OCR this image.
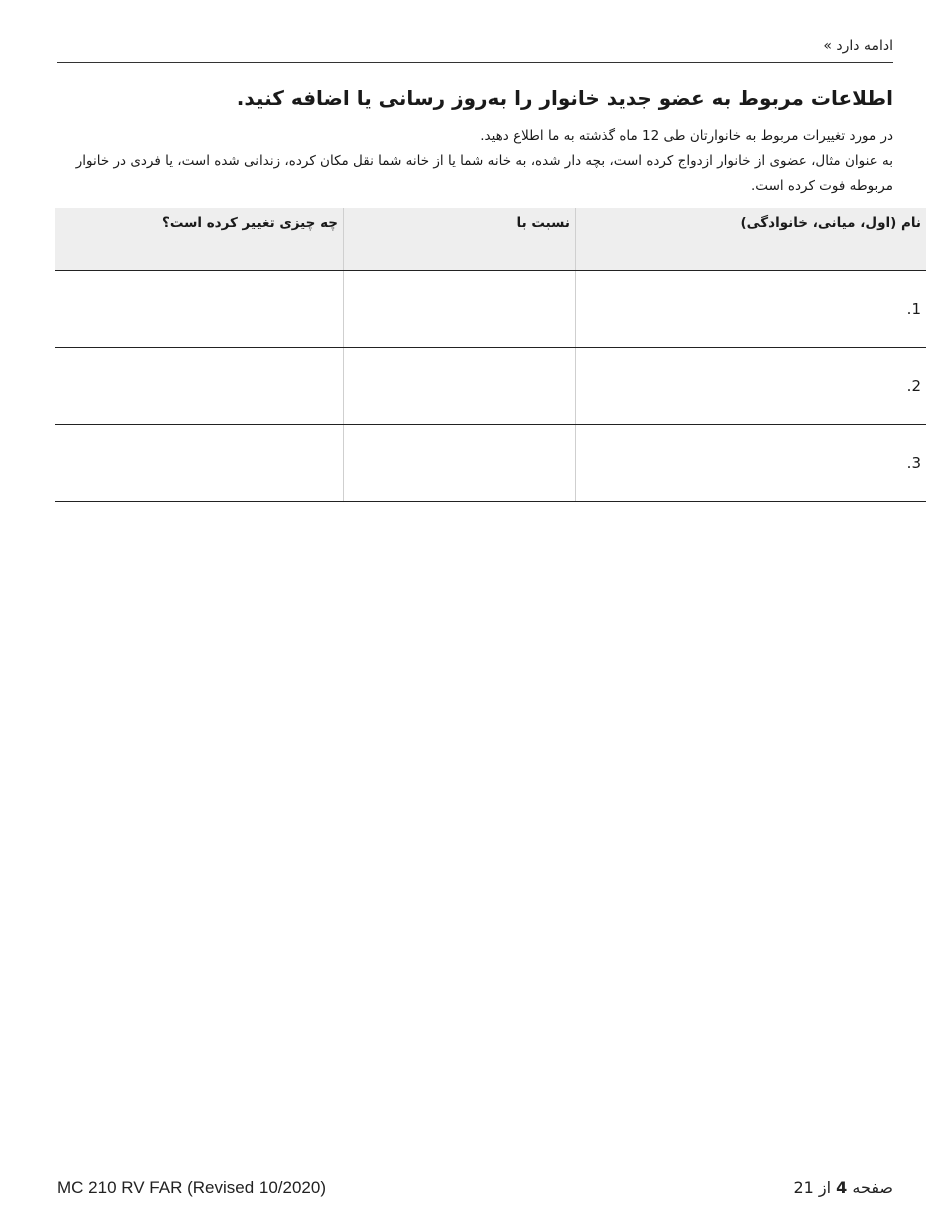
ادامه دارد »
اطلاعات مربوط به عضو جدید خانوار را به‌روز رسانی یا اضافه کنید.

در مورد تغییرات مربوط به خانوارتان طی 12 ماه گذشته به ما اطلاع دهید.

به عنوان مثال، عضوی از خانوار ازدواج کرده است، بچه دار شده، به خانه شما یا از خانه شما نقل مکان کرده، زندانی شده است، یا فردی در خانوار مربوطه فوت کرده است.

نام (اول، میانی، خانوادگی)	نسبت با	چه چیزی تغییر کرده است؟
1.		
2.		
3.		
MC 210 RV FAR (Revised 10/2020)	صفحه 4 از 21
